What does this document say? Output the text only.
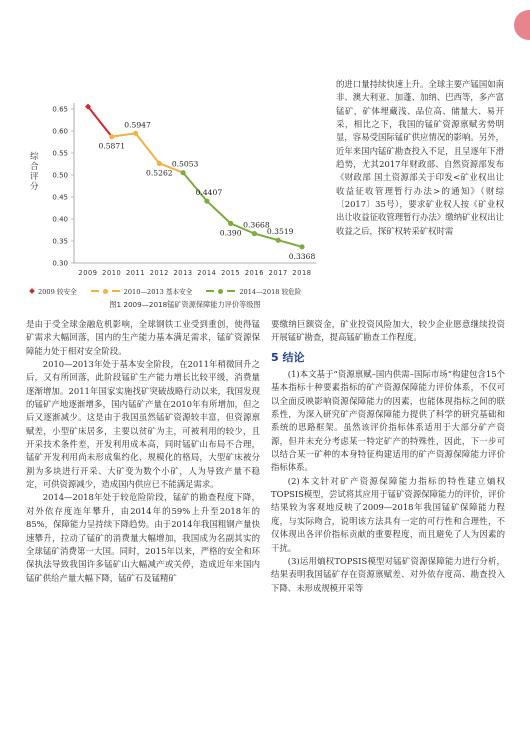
综合评分
0.65
0.60
0.55
0.50
0.45
0.40
0.35
0.30
2009 2010 2011 2012 2013 2014 2015 2016 2017 2018
0.5871
0.5947
0.5262
0.5053
0.4407
0.390
0.3668
0.3519
0.3368
2009 较安全	2010—2013 基本安全	2014—2018 较危险
图1 2009—2018锰矿资源保障能力评价等级图

的进口量持续快速上升。全球主要产锰国如南非、澳大利亚、加蓬、加纳、巴西等，多产富锰矿，矿体埋藏浅、品位高、储量大、易开采，相比之下，我国的锰矿资源禀赋劣势明显，容易受国际锰矿供应情况的影响。另外，近年来国内锰矿勘查投入不足，且呈逐年下滑趋势，尤其2017年财政部、自然资源部发布《财政部 国土资源部关于印发<矿业权出让收益征收管理暂行办法>的通知》（财综〔2017〕35号），要求矿业权人按《矿业权出让收益征收管理暂行办法》缴纳矿业权出让收益之后，探矿权转采矿权时需

是由于受全球金融危机影响，全球钢铁工业受到重创，使得锰矿需求大幅回落，国内的生产能力基本满足需求，锰矿资源保障能力处于相对安全阶段。

2010—2013年处于基本安全阶段，在2011年稍微回升之后，又有所回落，此阶段锰矿生产能力增长比较平缓，消费量逐渐增加。2011年国家实施找矿突破战略行动以来，我国发现的锰矿产地逐渐增多，国内锰矿产量在2010年有所增加，但之后又逐渐减少。这是由于我国虽然锰矿资源较丰富，但资源禀赋差，小型矿床居多，主要以贫矿为主，可被利用的较少，且开采技术条件差，开发利用成本高，同时锰矿山布局不合理，锰矿开发利用尚未形成集约化、规模化的格局，大型矿床被分割为多块进行开采、大矿变为数个小矿，人为导致产量不稳定，可供资源减少，造成国内供应已不能满足需求。

2014—2018年处于较危险阶段，锰矿的勘查程度下降，对外依存度连年攀升，由2014年的59%上升至2018年的85%，保障能力呈持续下降趋势。由于2014年我国粗钢产量快速攀升，拉动了锰矿的消费量大幅增加，我国成为名副其实的全球锰矿消费第一大国。同时，2015年以来，严格的安全和环保执法导致我国许多锰矿山大幅减产或关停，造成近年来国内锰矿供给产量大幅下降，锰矿石及锰精矿

要缴纳巨额资金，矿业投资风险加大，较少企业愿意继续投资开展锰矿勘查，提高锰矿勘查工作程度。

5 结论

(1)本文基于“资源禀赋–国内供需–国际市场”构建包含15个基本指标十种要素指标的矿产资源保障能力评价体系，不仅可以全面反映影响资源保障能力的因素，也能体现指标之间的联系性，为深入研究矿产资源保障能力提供了科学的研究基础和系统的思路框架。虽然该评价指标体系适用于大部分矿产资源，但并未充分考虑某一特定矿产的特殊性，因此，下一步可以结合某一矿种的本身特征构建适用的矿产资源保障能力评价指标体系。

(2)本文针对矿产资源保障能力指标的特性建立熵权TOPSIS模型，尝试将其应用于锰矿资源保障能力的评价，评价结果较为客观地反映了2009—2018年我国锰矿保障能力程度，与实际吻合，说明该方法具有一定的可行性和合理性，不仅体现出各评价指标贡献的重要程度，而且避免了人为因素的干扰。

(3)运用熵权TOPSIS模型对锰矿资源保障能力进行分析，结果表明我国锰矿存在资源禀赋差、对外依存度高、勘查投入下降、未形成规模开采等
